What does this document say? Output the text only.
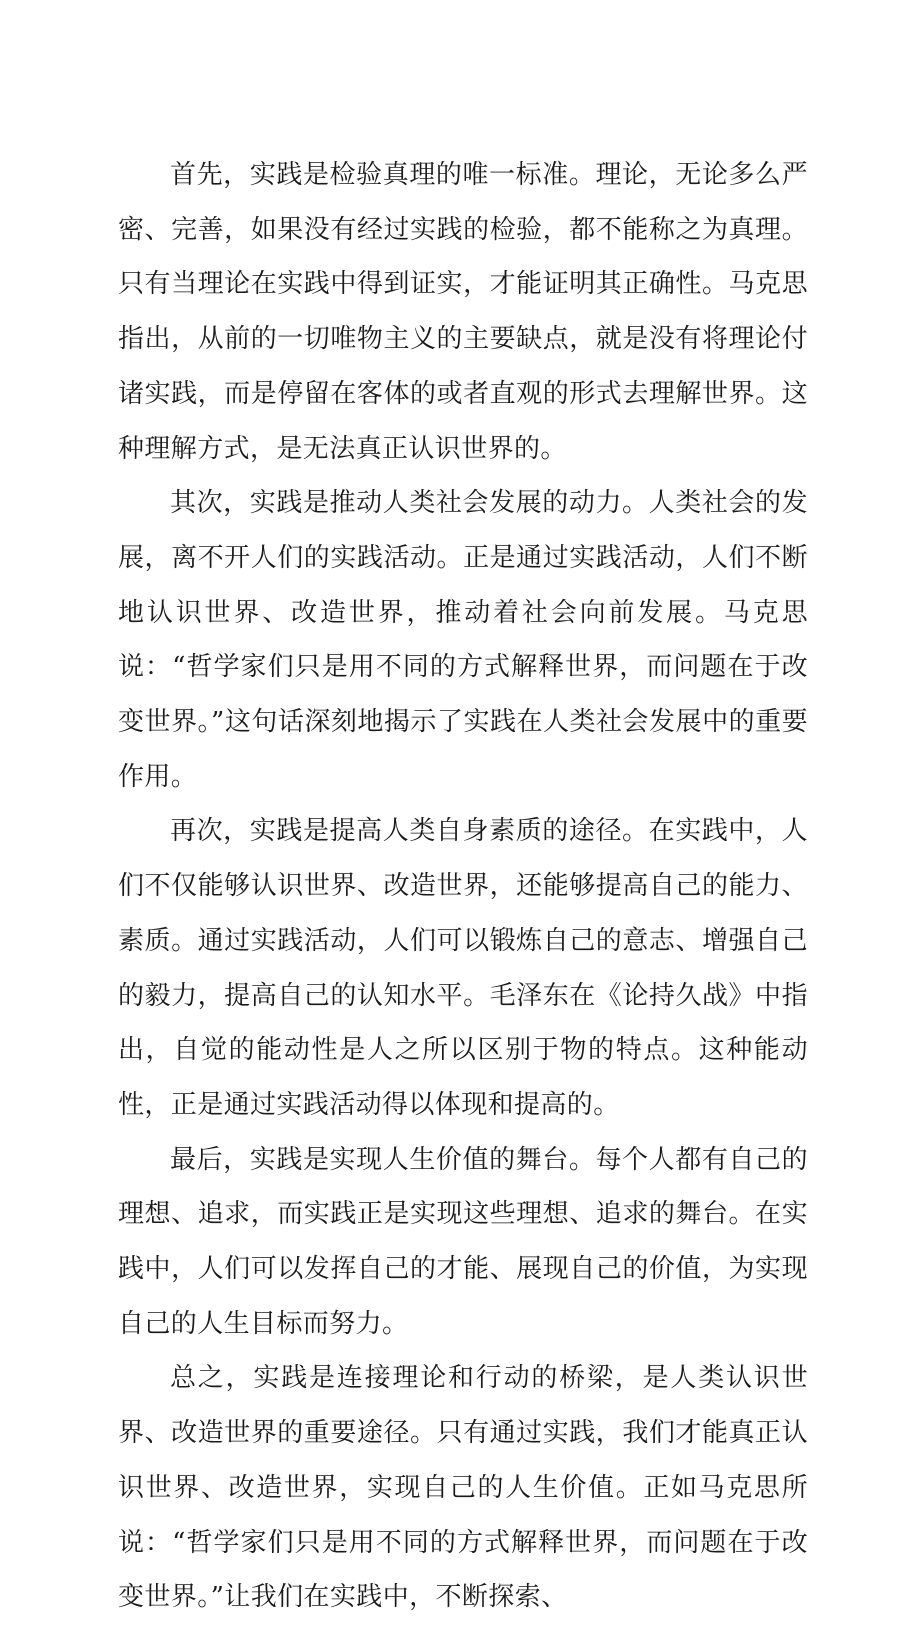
首先，实践是检验真理的唯一标准。理论，无论多么严密、完善，如果没有经过实践的检验，都不能称之为真理。只有当理论在实践中得到证实，才能证明其正确性。马克思指出，从前的一切唯物主义的主要缺点，就是没有将理论付诸实践，而是停留在客体的或者直观的形式去理解世界。这种理解方式，是无法真正认识世界的。

其次，实践是推动人类社会发展的动力。人类社会的发展，离不开人们的实践活动。正是通过实践活动，人们不断地认识世界、改造世界，推动着社会向前发展。马克思说：“哲学家们只是用不同的方式解释世界，而问题在于改变世界。”这句话深刻地揭示了实践在人类社会发展中的重要作用。

再次，实践是提高人类自身素质的途径。在实践中，人们不仅能够认识世界、改造世界，还能够提高自己的能力、素质。通过实践活动，人们可以锻炼自己的意志、增强自己的毅力，提高自己的认知水平。毛泽东在《论持久战》中指出，自觉的能动性是人之所以区别于物的特点。这种能动性，正是通过实践活动得以体现和提高的。

最后，实践是实现人生价值的舞台。每个人都有自己的理想、追求，而实践正是实现这些理想、追求的舞台。在实践中，人们可以发挥自己的才能、展现自己的价值，为实现自己的人生目标而努力。

总之，实践是连接理论和行动的桥梁，是人类认识世界、改造世界的重要途径。只有通过实践，我们才能真正认识世界、改造世界，实现自己的人生价值。正如马克思所说：“哲学家们只是用不同的方式解释世界，而问题在于改变世界。”让我们在实践中，不断探索、
